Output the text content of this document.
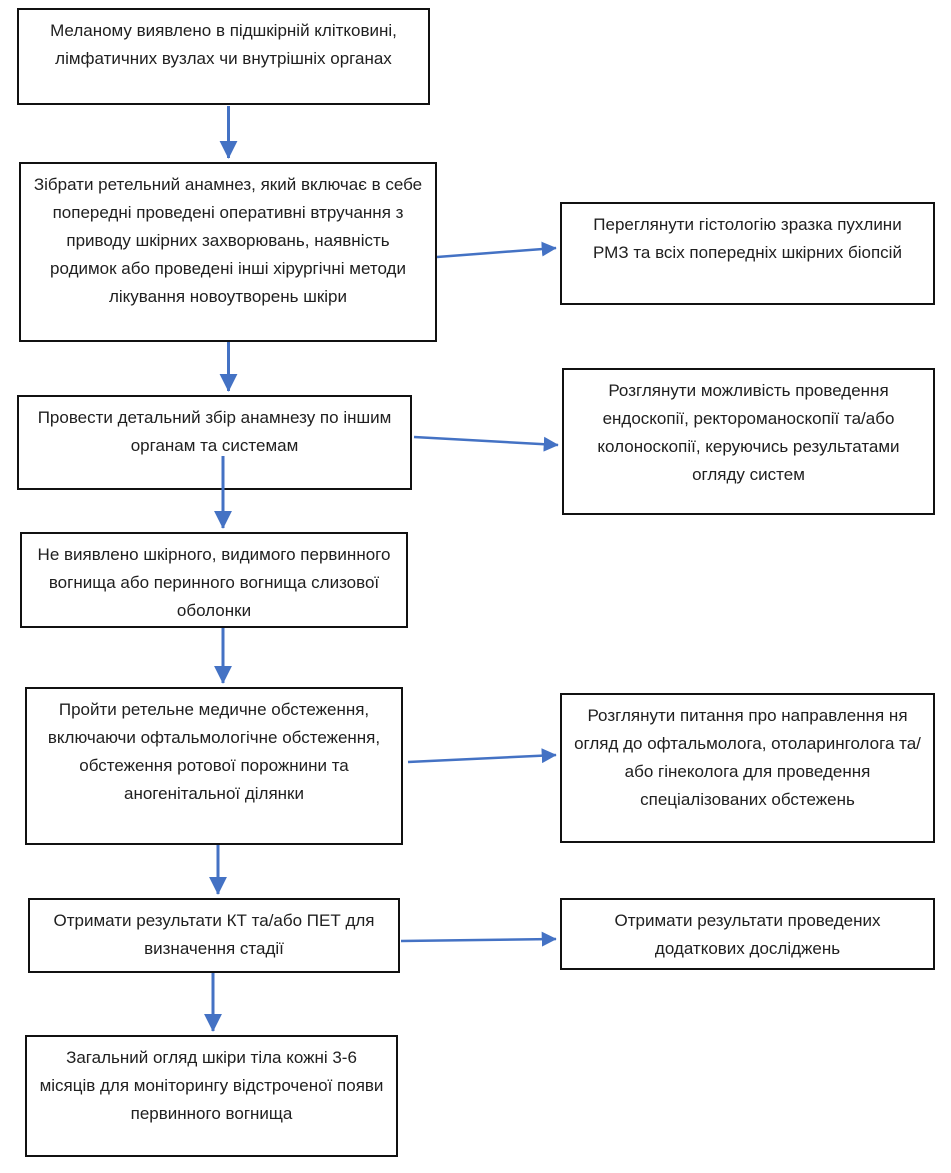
Меланому виявлено в підшкірній клітковині, лімфатичних вузлах чи внутрішніх органах
Зібрати ретельний анамнез, який включає в себе попередні проведені оперативні втручання з приводу шкірних захворювань, наявність родимок або проведені інші хірургічні методи лікування новоутворень шкіри
Провести детальний збір анамнезу по іншим органам та системам
Не виявлено шкірного, видимого первинного вогнища або перинного вогнища слизової оболонки
Пройти ретельне медичне обстеження, включаючи офтальмологічне обстеження, обстеження ротової порожнини та аногенітальної ділянки
Отримати результати КТ та/або ПЕТ для визначення стадії
Загальний огляд шкіри тіла кожні 3-6 місяців для моніторингу відстроченої появи первинного вогнища
Переглянути гістологію зразка пухлини РМЗ та всіх попередніх шкірних біопсій
Розглянути можливість проведення ендоскопії, ректороманоскопії та/або колоноскопії, керуючись результатами огляду систем
Розглянути питання про направлення ня огляд до офтальмолога, отоларинголога та/або гінеколога для проведення спеціалізованих обстежень
Отримати результати проведених додаткових досліджень
